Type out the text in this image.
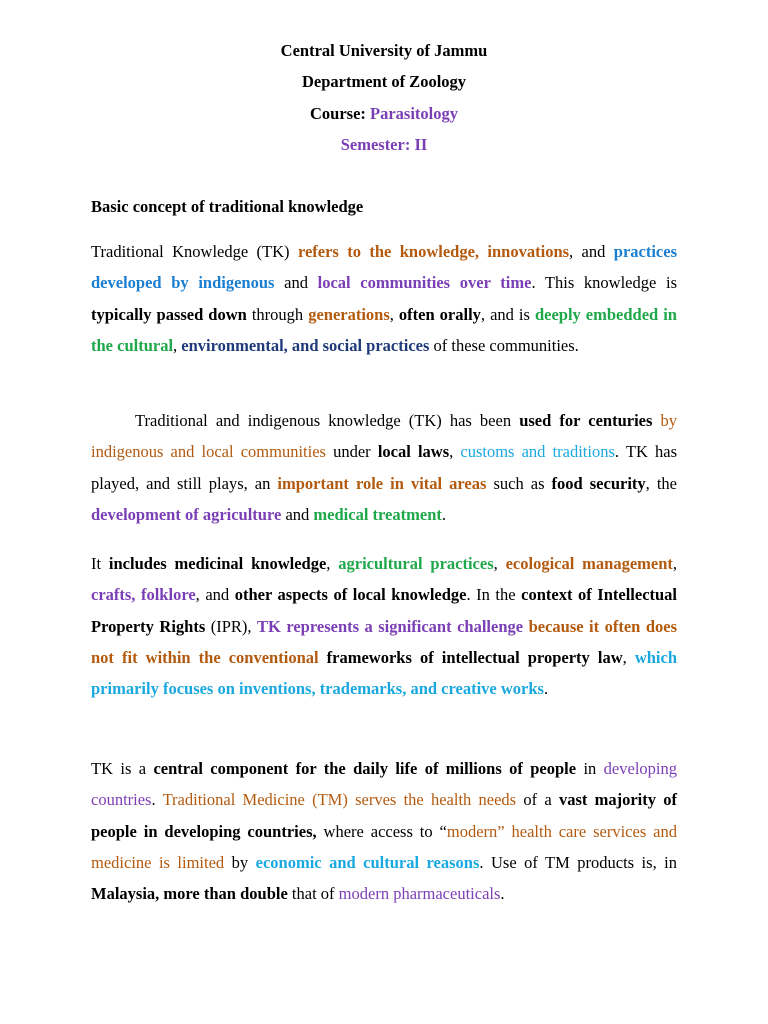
Central University of Jammu
Department of Zoology
Course: Parasitology
Semester: II
Basic concept of traditional knowledge
Traditional Knowledge (TK) refers to the knowledge, innovations, and practices developed by indigenous and local communities over time. This knowledge is typically passed down through generations, often orally, and is deeply embedded in the cultural, environmental, and social practices of these communities.
Traditional and indigenous knowledge (TK) has been used for centuries by indigenous and local communities under local laws, customs and traditions. TK has played, and still plays, an important role in vital areas such as food security, the development of agriculture and medical treatment.
It includes medicinal knowledge, agricultural practices, ecological management, crafts, folklore, and other aspects of local knowledge. In the context of Intellectual Property Rights (IPR), TK represents a significant challenge because it often does not fit within the conventional frameworks of intellectual property law, which primarily focuses on inventions, trademarks, and creative works.
TK is a central component for the daily life of millions of people in developing countries. Traditional Medicine (TM) serves the health needs of a vast majority of people in developing countries, where access to “modern” health care services and medicine is limited by economic and cultural reasons. Use of TM products is, in Malaysia, more than double that of modern pharmaceuticals.
